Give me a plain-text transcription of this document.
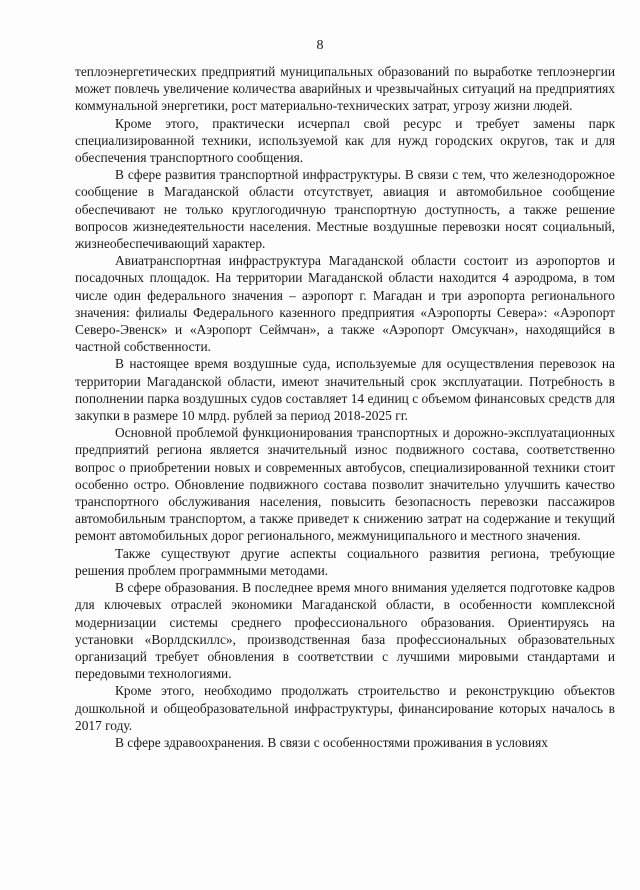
8

теплоэнергетических предприятий муниципальных образований по выработке теплоэнергии может повлечь увеличение количества аварийных и чрезвычайных ситуаций на предприятиях коммунальной энергетики, рост материально-технических затрат, угрозу жизни людей.

Кроме этого, практически исчерпал свой ресурс и требует замены парк специализированной техники, используемой как для нужд городских округов, так и для обеспечения транспортного сообщения.

В сфере развития транспортной инфраструктуры. В связи с тем, что железнодорожное сообщение в Магаданской области отсутствует, авиация и автомобильное сообщение обеспечивают не только круглогодичную транспортную доступность, а также решение вопросов жизнедеятельности населения. Местные воздушные перевозки носят социальный, жизнеобеспечивающий характер.

Авиатранспортная инфраструктура Магаданской области состоит из аэропортов и посадочных площадок. На территории Магаданской области находится 4 аэродрома, в том числе один федерального значения – аэропорт г. Магадан и три аэропорта регионального значения: филиалы Федерального казенного предприятия «Аэропорты Севера»: «Аэропорт Северо-Эвенск» и «Аэропорт Сеймчан», а также «Аэропорт Омсукчан», находящийся в частной собственности.

В настоящее время воздушные суда, используемые для осуществления перевозок на территории Магаданской области, имеют значительный срок эксплуатации. Потребность в пополнении парка воздушных судов составляет 14 единиц с объемом финансовых средств для закупки в размере 10 млрд. рублей за период 2018-2025 гг.

Основной проблемой функционирования транспортных и дорожно-эксплуатационных предприятий региона является значительный износ подвижного состава, соответственно вопрос о приобретении новых и современных автобусов, специализированной техники стоит особенно остро. Обновление подвижного состава позволит значительно улучшить качество транспортного обслуживания населения, повысить безопасность перевозки пассажиров автомобильным транспортом, а также приведет к снижению затрат на содержание и текущий ремонт автомобильных дорог регионального, межмуниципального и местного значения.

Также существуют другие аспекты социального развития региона, требующие решения проблем программными методами.

В сфере образования. В последнее время много внимания уделяется подготовке кадров для ключевых отраслей экономики Магаданской области, в особенности комплексной модернизации системы среднего профессионального образования. Ориентируясь на установки «Ворлдскиллс», производственная база профессиональных образовательных организаций требует обновления в соответствии с лучшими мировыми стандартами и передовыми технологиями.

Кроме этого, необходимо продолжать строительство и реконструкцию объектов дошкольной и общеобразовательной инфраструктуры, финансирование которых началось в 2017 году.

В сфере здравоохранения. В связи с особенностями проживания в условиях
